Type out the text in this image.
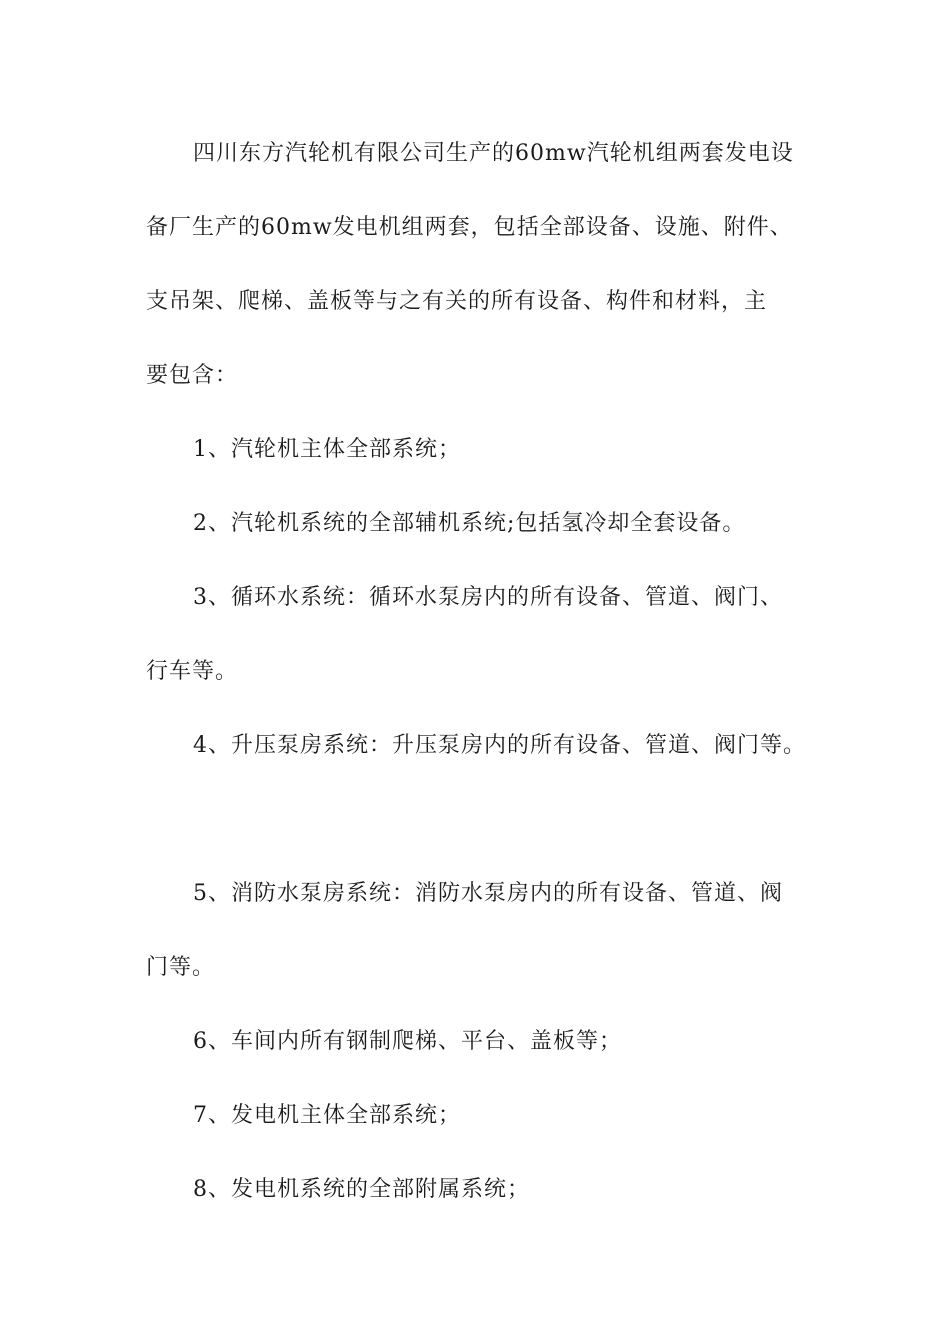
四川东方汽轮机有限公司生产的60mw汽轮机组两套发电设
备厂生产的60mw发电机组两套，包括全部设备、设施、附件、
支吊架、爬梯、盖板等与之有关的所有设备、构件和材料，主
要包含：
1、汽轮机主体全部系统；
2、汽轮机系统的全部辅机系统;包括氢冷却全套设备。
3、循环水系统：循环水泵房内的所有设备、管道、阀门、
行车等。
4、升压泵房系统：升压泵房内的所有设备、管道、阀门等。
5、消防水泵房系统：消防水泵房内的所有设备、管道、阀
门等。
6、车间内所有钢制爬梯、平台、盖板等；
7、发电机主体全部系统；
8、发电机系统的全部附属系统；
